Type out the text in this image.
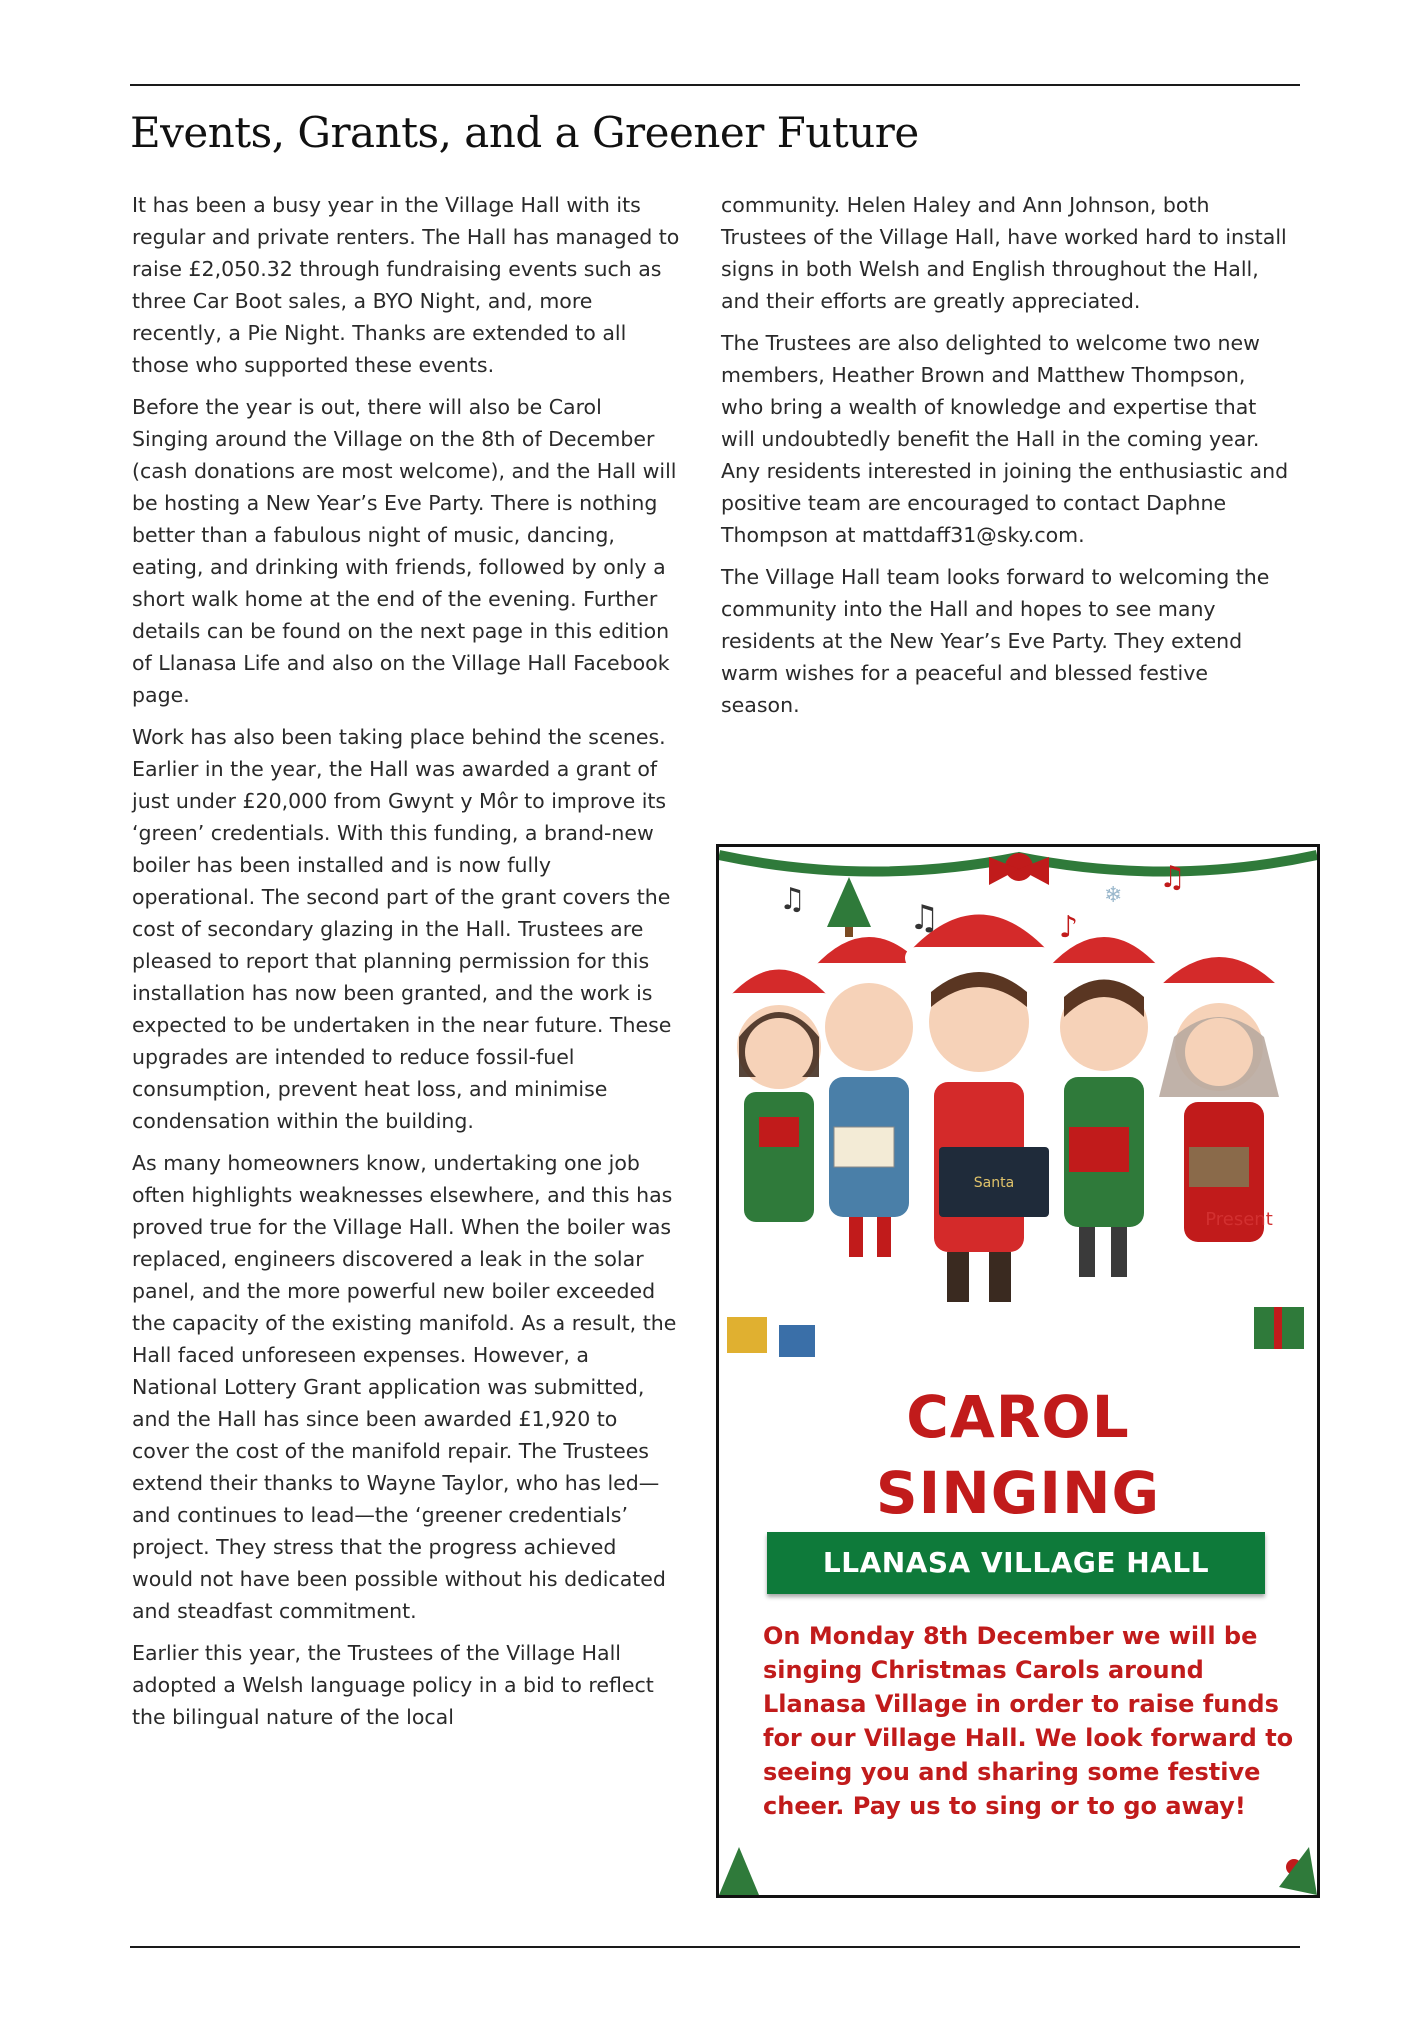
Events, Grants, and a Greener Future

It has been a busy year in the Village Hall with its regular and private renters. The Hall has managed to raise £2,050.32 through fundraising events such as three Car Boot sales, a BYO Night, and, more recently, a Pie Night. Thanks are extended to all those who supported these events.

Before the year is out, there will also be Carol Singing around the Village on the 8th of December (cash donations are most welcome), and the Hall will be hosting a New Year’s Eve Party. There is nothing better than a fabulous night of music, dancing, eating, and drinking with friends, followed by only a short walk home at the end of the evening. Further details can be found on the next page in this edition of Llanasa Life and also on the Village Hall Facebook page.

Work has also been taking place behind the scenes. Earlier in the year, the Hall was awarded a grant of just under £20,000 from Gwynt y Môr to improve its ‘green’ credentials. With this funding, a brand-new boiler has been installed and is now fully operational. The second part of the grant covers the cost of secondary glazing in the Hall. Trustees are pleased to report that planning permission for this installation has now been granted, and the work is expected to be undertaken in the near future. These upgrades are intended to reduce fossil-fuel consumption, prevent heat loss, and minimise condensation within the building.

As many homeowners know, undertaking one job often highlights weaknesses elsewhere, and this has proved true for the Village Hall. When the boiler was replaced, engineers discovered a leak in the solar panel, and the more powerful new boiler exceeded the capacity of the existing manifold. As a result, the Hall faced unforeseen expenses. However, a National Lottery Grant application was submitted, and the Hall has since been awarded £1,920 to cover the cost of the manifold repair. The Trustees extend their thanks to Wayne Taylor, who has led—and continues to lead—the ‘greener credentials’ project. They stress that the progress achieved would not have been possible without his dedicated and steadfast commitment.

Earlier this year, the Trustees of the Village Hall adopted a Welsh language policy in a bid to reflect the bilingual nature of the local

community. Helen Haley and Ann Johnson, both Trustees of the Village Hall, have worked hard to install signs in both Welsh and English throughout the Hall, and their efforts are greatly appreciated.

The Trustees are also delighted to welcome two new members, Heather Brown and Matthew Thompson, who bring a wealth of knowledge and expertise that will undoubtedly benefit the Hall in the coming year. Any residents interested in joining the enthusiastic and positive team are encouraged to contact Daphne Thompson at mattdaff31@sky.com.

The Village Hall team looks forward to welcoming the community into the Hall and hopes to see many residents at the New Year’s Eve Party. They extend warm wishes for a peaceful and blessed festive season.

♫	♫	♪
♫
❄
Santa
Present
CAROL
SINGING
LLANASA VILLAGE HALL
On Monday 8th December we will be singing Christmas Carols around Llanasa Village in order to raise funds for our Village Hall. We look forward to seeing you and sharing some festive cheer. Pay us to sing or to go away!
